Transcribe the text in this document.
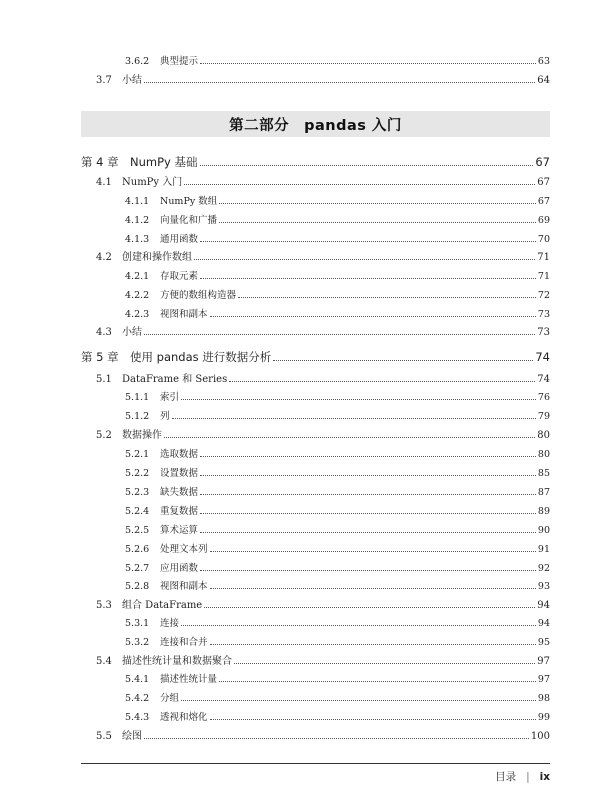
3.6.2	典型提示	63
3.7	小结	64
第二部分　pandas 入门
第 4 章 NumPy 基础	67
4.1	NumPy 入门	67
4.1.1	NumPy 数组	67
4.1.2	向量化和广播	69
4.1.3	通用函数	70
4.2	创建和操作数组	71
4.2.1	存取元素	71
4.2.2	方便的数组构造器	72
4.2.3	视图和副本	73
4.3	小结	73
第 5 章 使用 pandas 进行数据分析	74
5.1	DataFrame 和 Series	74
5.1.1	索引	76
5.1.2	列	79
5.2	数据操作	80
5.2.1	选取数据	80
5.2.2	设置数据	85
5.2.3	缺失数据	87
5.2.4	重复数据	89
5.2.5	算术运算	90
5.2.6	处理文本列	91
5.2.7	应用函数	92
5.2.8	视图和副本	93
5.3	组合 DataFrame	94
5.3.1	连接	94
5.3.2	连接和合并	95
5.4	描述性统计量和数据聚合	97
5.4.1	描述性统计量	97
5.4.2	分组	98
5.4.3	透视和熔化	99
5.5	绘图	100
目录 | ix
